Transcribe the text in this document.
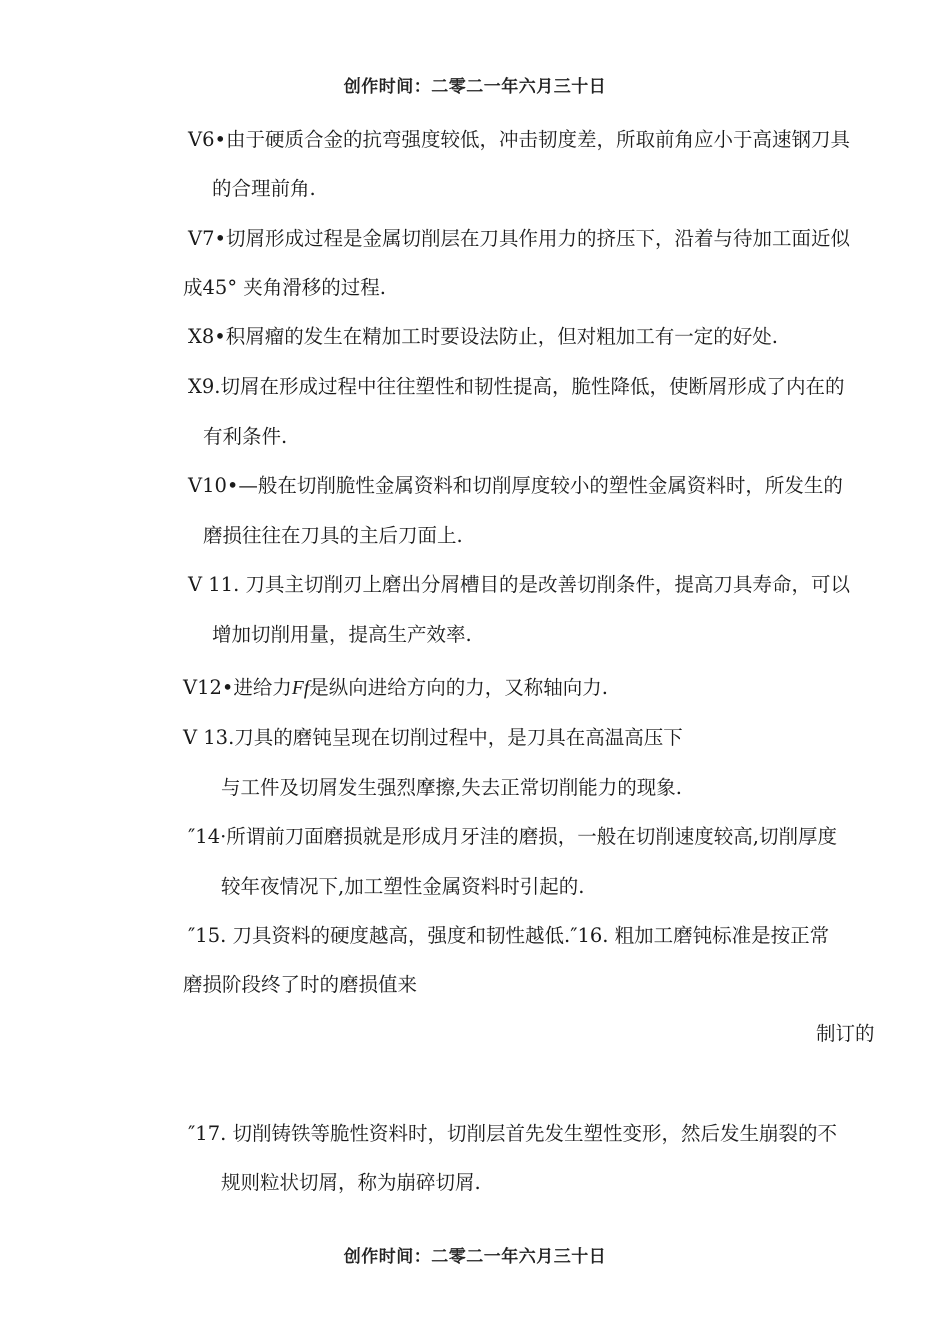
创作时间：二零二一年六月三十日
V6•由于硬质合金的抗弯强度较低，冲击韧度差，所取前角应小于高速钢刀具
的合理前角.
V7•切屑形成过程是金属切削层在刀具作用力的挤压下，沿着与待加工面近似
成45° 夹角滑移的过程.
X8•积屑瘤的发生在精加工时要设法防止，但对粗加工有一定的好处.
X9.切屑在形成过程中往往塑性和韧性提高，脆性降低，使断屑形成了内在的
有利条件.
V10•—般在切削脆性金属资料和切削厚度较小的塑性金属资料时，所发生的
磨损往往在刀具的主后刀面上.
V 11. 刀具主切削刃上磨出分屑槽目的是改善切削条件，提高刀具寿命，可以
增加切削用量，提高生产效率.
V12•进给力Ff是纵向进给方向的力，又称轴向力.
V 13.刀具的磨钝呈现在切削过程中，是刀具在高温高压下
与工件及切屑发生强烈摩擦,失去正常切削能力的现象.
″14·所谓前刀面磨损就是形成月牙洼的磨损，一般在切削速度较高,切削厚度
较年夜情况下,加工塑性金属资料时引起的.
″15. 刀具资料的硬度越高，强度和韧性越低.″16. 粗加工磨钝标准是按正常
磨损阶段终了时的磨损值来
制订的
″17. 切削铸铁等脆性资料时，切削层首先发生塑性变形，然后发生崩裂的不
规则粒状切屑，称为崩碎切屑.
创作时间：二零二一年六月三十日
